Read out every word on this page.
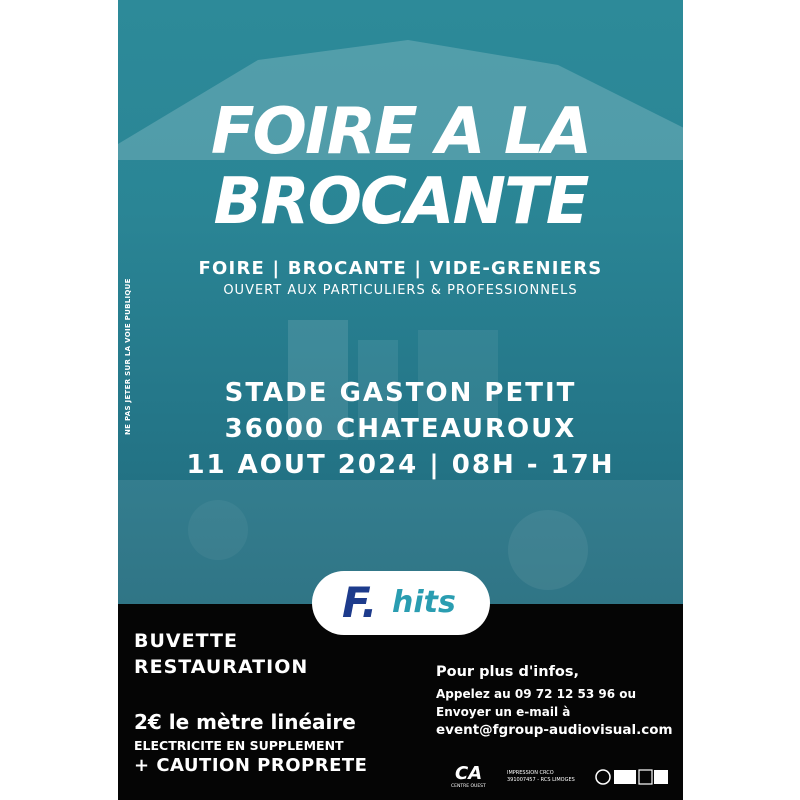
FOIRE A LA
BROCANTE
FOIRE | BROCANTE | VIDE-GRENIERS
OUVERT AUX PARTICULIERS & PROFESSIONNELS
STADE GASTON PETIT
36000 CHATEAUROUX
11 AOUT 2024 | 08H - 17H
NE PAS JETER SUR LA VOIE PUBLIQUE
F. hits
BUVETTE
RESTAURATION
2€ le mètre linéaire
ELECTRICITE EN SUPPLEMENT
+ CAUTION PROPRETE
Pour plus d'infos,
Appelez au 09 72 12 53 96 ou
Envoyer un e-mail à
event@fgroup-audiovisual.com
CA
CENTRE OUEST
IMPRESSION CRCO
391007457 - RCS LIMOGES
